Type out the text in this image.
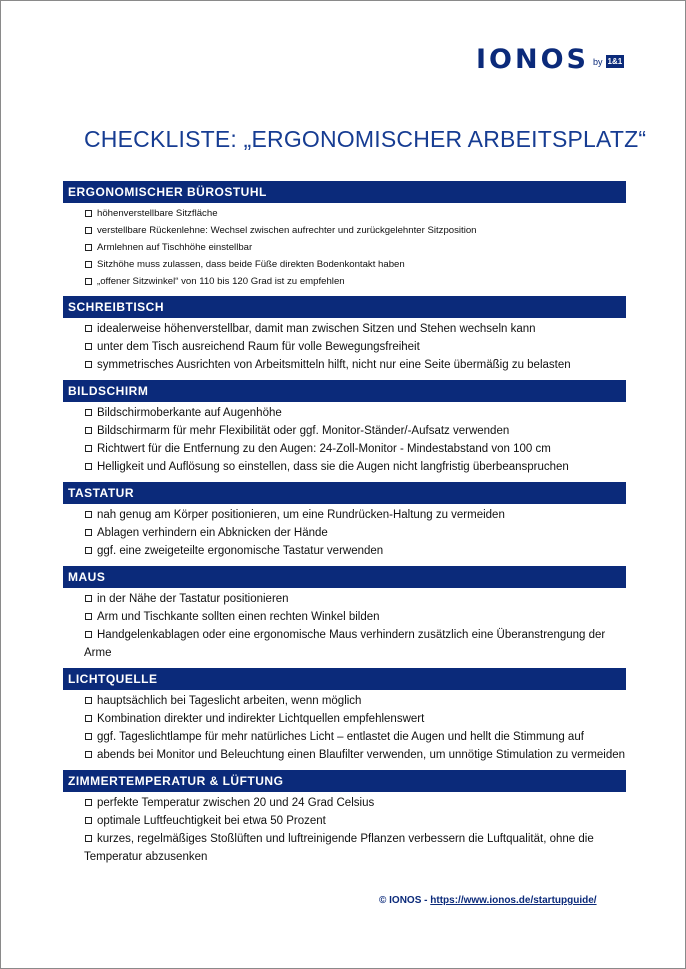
IONOS by 1&1
CHECKLISTE: „ERGONOMISCHER ARBEITSPLATZ“
ERGONOMISCHER BÜROSTUHL
höhenverstellbare Sitzfläche
verstellbare Rückenlehne: Wechsel zwischen aufrechter und zurückgelehnter Sitzposition
Armlehnen auf Tischhöhe einstellbar
Sitzhöhe muss zulassen, dass beide Füße direkten Bodenkontakt haben
„offener Sitzwinkel“ von 110 bis 120 Grad ist zu empfehlen
SCHREIBTISCH
idealerweise höhenverstellbar, damit man zwischen Sitzen und Stehen wechseln kann
unter dem Tisch ausreichend Raum für volle Bewegungsfreiheit
symmetrisches Ausrichten von Arbeitsmitteln hilft, nicht nur eine Seite übermäßig zu belasten
BILDSCHIRM
Bildschirmoberkante auf Augenhöhe
Bildschirmarm für mehr Flexibilität oder ggf. Monitor-Ständer/-Aufsatz verwenden
Richtwert für die Entfernung zu den Augen: 24-Zoll-Monitor - Mindestabstand von 100 cm
Helligkeit und Auflösung so einstellen, dass sie die Augen nicht langfristig überbeanspruchen
TASTATUR
nah genug am Körper positionieren, um eine Rundrücken-Haltung zu vermeiden
Ablagen verhindern ein Abknicken der Hände
ggf. eine zweigeteilte ergonomische Tastatur verwenden
MAUS
in der Nähe der Tastatur positionieren
Arm und Tischkante sollten einen rechten Winkel bilden
Handgelenkablagen oder eine ergonomische Maus verhindern zusätzlich eine Überanstrengung der Arme
LICHTQUELLE
hauptsächlich bei Tageslicht arbeiten, wenn möglich
Kombination direkter und indirekter Lichtquellen empfehlenswert
ggf. Tageslichtlampe für mehr natürliches Licht – entlastet die Augen und hellt die Stimmung auf
abends bei Monitor und Beleuchtung einen Blaufilter verwenden, um unnötige Stimulation zu vermeiden
ZIMMERTEMPERATUR & LÜFTUNG
perfekte Temperatur zwischen 20 und 24 Grad Celsius
optimale Luftfeuchtigkeit bei etwa 50 Prozent
kurzes, regelmäßiges Stoßlüften und luftreinigende Pflanzen verbessern die Luftqualität, ohne die Temperatur abzusenken
© IONOS - https://www.ionos.de/startupguide/
